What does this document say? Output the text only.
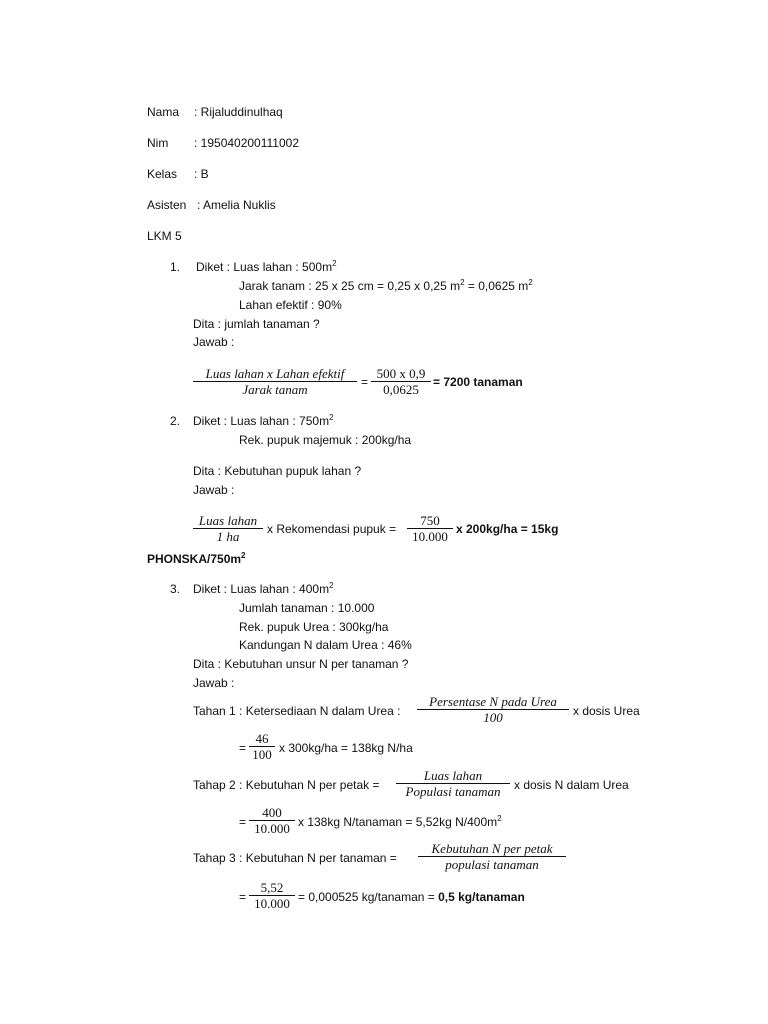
Nama : Rijaluddinulhaq
Nim : 195040200111002
Kelas : B
Asisten : Amelia Nuklis
LKM 5
1. Diket : Luas lahan : $500m^2$
Jarak tanam : 25 x 25 cm = 0,25 x 0,25 $m^2 = 0,0625$ $m^2$
Lahan efektif : 90%
Dita : jumlah tanaman ?
Jawab :
Luas lahan x Lahan efektif
Jarak tanam	=
500 x 0,9
0,0625	= 7200 tanaman
2. Diket : Luas lahan : $750m^2$
Rek. pupuk majemuk : 200kg/ha
Dita : Kebutuhan pupuk lahan ?
Jawab :
Luas lahan
1 ha	x Rekomendasi pupuk =
750
10.000 x 200kg/ha = 15kg
PHONSKA/$750m^2$
3. Diket : Luas lahan : $400m^2$
Jumlah tanaman : 10.000
Rek. pupuk Urea : 300kg/ha
Kandungan N dalam Urea : 46%
Dita : Kebutuhan unsur N per tanaman ?
Jawab :
Tahan 1 : Ketersediaan N dalam Urea :
Persentase N pada Urea
100	x dosis Urea
=
46
100 x 300kg/ha = 138kg N/ha
Tahap 2 : Kebutuhan N per petak =
Luas lahan
Populasi tanaman	x dosis N dalam Urea
=
400
10.000 x 138kg N/tanaman = 5,52kg $N/400m^2$
Tahap 3 : Kebutuhan N per tanaman =
Kebutuhan N per petak
populasi tanaman
=
5,52
10.000 = 0,000525 kg/tanaman = 0,5 kg/tanaman
